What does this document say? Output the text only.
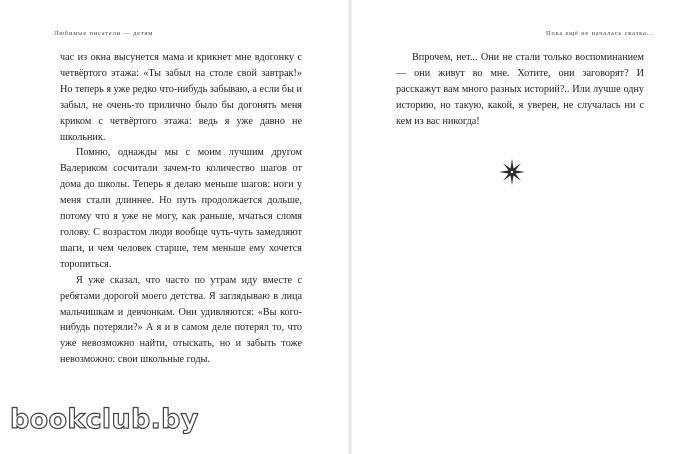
Любимые писатели — детям

час из окна высунется мама и крикнет мне вдогонку с четвёртого этажа: «Ты забыл на столе свой завтрак!» Но теперь я уже редко что-нибудь забываю, а если бы и забыл, не очень-то прилично было бы догонять меня криком с четвёртого этажа: ведь я уже давно не школьник.

Помню, однажды мы с моим лучшим другом Валериком сосчитали зачем-то количество шагов от дома до школы. Теперь я делаю меньше шагов: ноги у меня стали длиннее. Но путь продолжается дольше, потому что я уже не могу, как раньше, мчаться сломя голову. С возрастом люди вообще чуть-чуть замедляют шаги, и чем человек старше, тем меньше ему хочется торопиться.

Я уже сказал, что часто по утрам иду вместе с ребятами дорогой моего детства. Я заглядываю в лица мальчишкам и девчонкам. Они удивляются: «Вы кого-нибудь потеряли?» А я и в самом деле потерял то, что уже невозможно найти, отыскать, но и забыть тоже невозможно: свои школьные годы.

Пока ещё не началась сказка...

Впрочем, нет... Они не стали только воспоминанием — они живут во мне. Хотите, они заговорят? И расскажут вам много разных историй?.. Или лучше одну историю, но такую, какой, я уверен, не случалась ни с кем из вас никогда!

bookclub.by
